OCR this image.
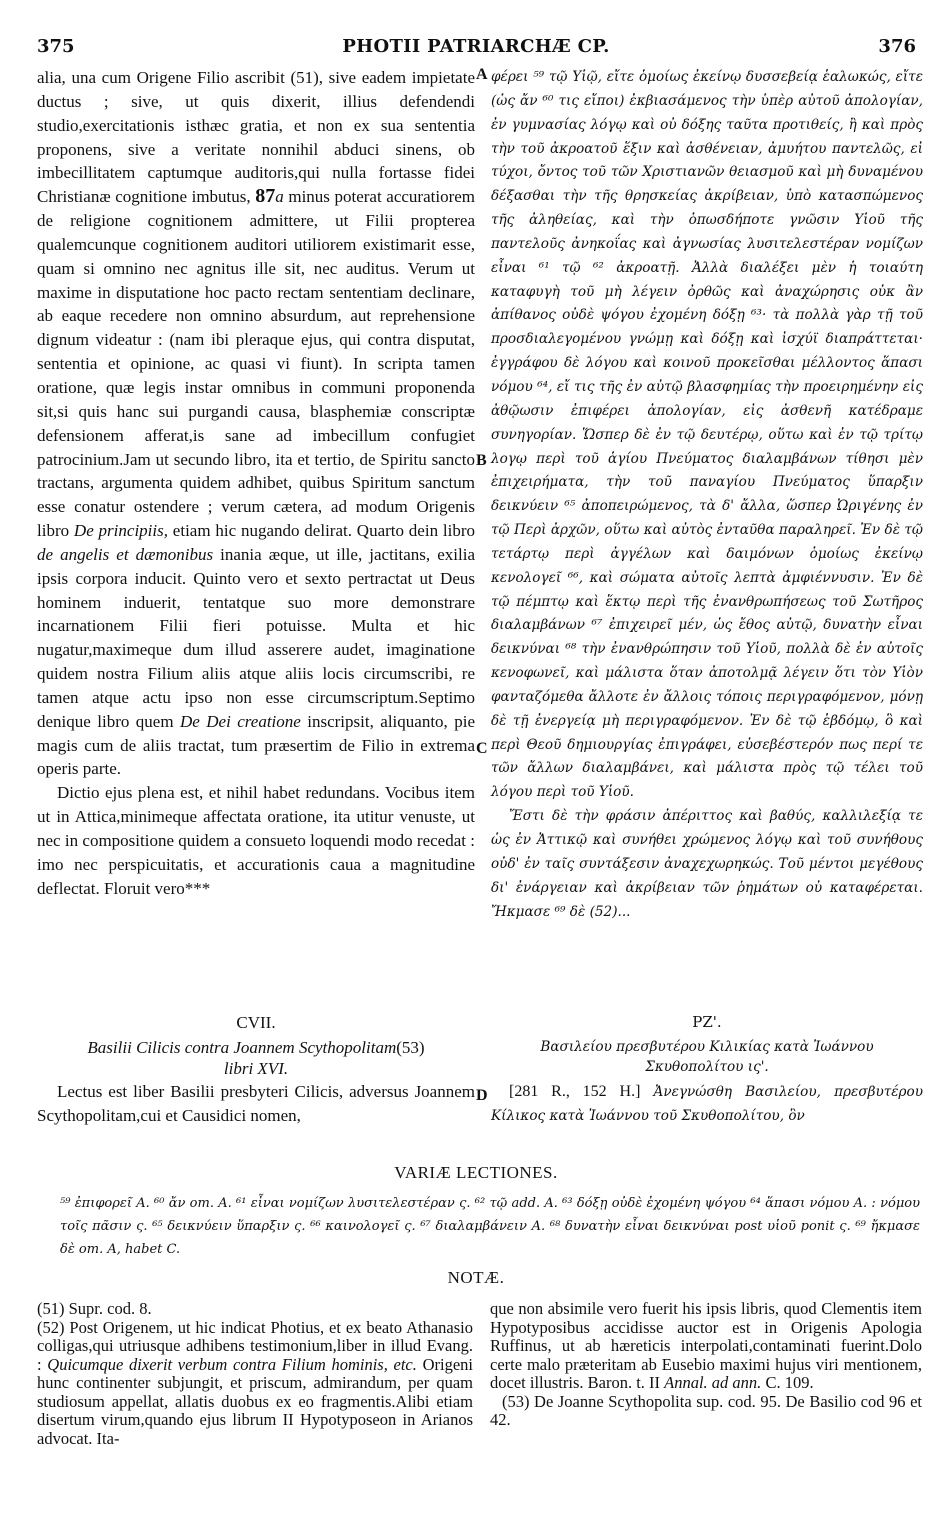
375	PHOTII PATRIARCHÆ CP.	376
A
B
C
D

alia, una cum Origene Filio ascribit (51), sive eadem impietate ductus ; sive, ut quis dixerit, illius defendendi studio,exercitationis isthæc gratia, et non ex sua sententia proponens, sive a veritate nonnihil abduci sinens, ob imbecillitatem captumque auditoris,qui nulla fortasse fidei Christianæ cognitione imbutus, 87a minus poterat accuratiorem de religione cognitionem admittere, ut Filii propterea qualemcunque cognitionem auditori utiliorem existimarit esse, quam si omnino nec agnitus ille sit, nec auditus. Verum ut maxime in disputatione hoc pacto rectam sententiam declinare, ab eaque recedere non omnino absurdum, aut reprehensione dignum videatur : (nam ibi pleraque ejus, qui contra disputat, sententia et opinione, ac quasi vi fiunt). In scripta tamen oratione, quæ legis instar omnibus in communi proponenda sit,si quis hanc sui purgandi causa, blasphemiæ conscriptæ defensionem afferat,is sane ad imbecillum confugiet patrocinium.Jam ut secundo libro, ita et tertio, de Spiritu sancto tractans, argumenta quidem adhibet, quibus Spiritum sanctum esse conatur ostendere ; verum cætera, ad modum Origenis libro De principiis, etiam hic nugando delirat. Quarto dein libro de angelis et dæmonibus inania æque, ut ille, jactitans, exilia ipsis corpora inducit. Quinto vero et sexto pertractat ut Deus hominem induerit, tentatque suo more demonstrare incarnationem Filii fieri potuisse. Multa et hic nugatur,maximeque dum illud asserere audet, imaginatione quidem nostra Filium aliis atque aliis locis circumscribi, re tamen atque actu ipso non esse circumscriptum.Septimo denique libro quem De Dei creatione inscripsit, aliquanto, pie magis cum de aliis tractat, tum præsertim de Filio in extrema operis parte.

Dictio ejus plena est, et nihil habet redundans. Vocibus item ut in Attica,minimeque affectata oratione, ita utitur venuste, ut nec in compositione quidem a consueto loquendi modo recedat : imo nec perspicuitatis, et accurationis caua a magnitudine deflectat. Floruit vero***

CVII.
Basilii Cilicis contra Joannem Scythopolitam(53)
libri XVI.

Lectus est liber Basilii presbyteri Cilicis, adversus Joannem Scythopolitam,cui et Causidici nomen,

φέρει ⁵⁹ τῷ Υἱῷ, εἴτε ὁμοίως ἐκείνῳ δυσσεβείᾳ ἑαλωκώς, εἴτε (ὡς ἄν ⁶⁰ τις εἴποι) ἐκβιασάμενος τὴν ὑπὲρ αὐτοῦ ἀπολογίαν, ἐν γυμνασίας λόγῳ καὶ οὐ δόξης ταῦτα προτιθείς, ἢ καὶ πρὸς τὴν τοῦ ἀκροατοῦ ἕξιν καὶ ἀσθένειαν, ἀμυήτου παντελῶς, εἰ τύχοι, ὄντος τοῦ τῶν Χριστιανῶν θειασμοῦ καὶ μὴ δυναμένου δέξασθαι τὴν τῆς θρησκείας ἀκρίβειαν, ὑπὸ κατασπώμενος τῆς ἀληθείας, καὶ τὴν ὁπωσδήποτε γνῶσιν Υἱοῦ τῆς παντελοῦς ἀνηκοΐας καὶ ἀγνωσίας λυσιτελεστέραν νομίζων εἶναι ⁶¹ τῷ ⁶² ἀκροατῇ. Ἀλλὰ διαλέξει μὲν ἡ τοιαύτη καταφυγὴ τοῦ μὴ λέγειν ὀρθῶς καὶ ἀναχώρησις οὐκ ἂν ἀπίθανος οὐδὲ ψόγου ἐχομένη δόξῃ ⁶³· τὰ πολλὰ γὰρ τῇ τοῦ προσδιαλεγομένου γνώμῃ καὶ δόξῃ καὶ ἰσχύϊ διαπράττεται· ἐγγράφου δὲ λόγου καὶ κοινοῦ προκεῖσθαι μέλλοντος ἅπασι νόμου ⁶⁴, εἴ τις τῆς ἐν αὐτῷ βλασφημίας τὴν προειρημένην εἰς ἀθῷωσιν ἐπιφέρει ἀπολογίαν, εἰς ἀσθενῆ κατέδραμε συνηγορίαν. Ὥσπερ δὲ ἐν τῷ δευτέρῳ, οὕτω καὶ ἐν τῷ τρίτῳ λογῳ περὶ τοῦ ἁγίου Πνεύματος διαλαμβάνων τίθησι μὲν ἐπιχειρήματα, τὴν τοῦ παναγίου Πνεύματος ὕπαρξιν δεικνύειν ⁶⁵ ἀποπειρώμενος, τὰ δ' ἄλλα, ὥσπερ Ὠριγένης ἐν τῷ Περὶ ἀρχῶν, οὕτω καὶ αὐτὸς ἐνταῦθα παραληρεῖ. Ἐν δὲ τῷ τετάρτῳ περὶ ἀγγέλων καὶ δαιμόνων ὁμοίως ἐκείνῳ κενολογεῖ ⁶⁶, καὶ σώματα αὐτοῖς λεπτὰ ἀμφιέννυσιν. Ἐν δὲ τῷ πέμπτῳ καὶ ἕκτῳ περὶ τῆς ἐνανθρωπήσεως τοῦ Σωτῆρος διαλαμβάνων ⁶⁷ ἐπιχειρεῖ μέν, ὡς ἔθος αὐτῷ, δυνατὴν εἶναι δεικνύναι ⁶⁸ τὴν ἐνανθρώπησιν τοῦ Υἱοῦ, πολλὰ δὲ ἐν αὐτοῖς κενοφωνεῖ, καὶ μάλιστα ὅταν ἀποτολμᾷ λέγειν ὅτι τὸν Υἱὸν φανταζόμεθα ἄλλοτε ἐν ἄλλοις τόποις περιγραφόμενον, μόνῃ δὲ τῇ ἐνεργείᾳ μὴ περιγραφόμενον. Ἐν δὲ τῷ ἑβδόμῳ, ὃ καὶ περὶ Θεοῦ δημιουργίας ἐπιγράφει, εὐσεβέστερόν πως περί τε τῶν ἄλλων διαλαμβάνει, καὶ μάλιστα πρὸς τῷ τέλει τοῦ λόγου περὶ τοῦ Υἱοῦ.

Ἔστι δὲ τὴν φράσιν ἀπέριττος καὶ βαθύς, καλλιλεξίᾳ τε ὡς ἐν Ἀττικῷ καὶ συνήθει χρώμενος λόγῳ καὶ τοῦ συνήθους οὐδ' ἐν ταῖς συντάξεσιν ἀναχεχωρηκώς. Τοῦ μέντοι μεγέθους δι' ἐνάργειαν καὶ ἀκρίβειαν τῶν ῥημάτων οὐ καταφέρεται. Ἤκμασε ⁶⁹ δὲ (52)...

ΡΖ'.
Βασιλείου πρεσβυτέρου Κιλικίας κατὰ Ἰωάννου Σκυθοπολίτου ις'.

[281 R., 152 H.] Ἀνεγνώσθη Βασιλείου, πρεσβυτέρου Κίλικος κατὰ Ἰωάννου τοῦ Σκυθοπολίτου, ὃν

VARIÆ LECTIONES.
⁵⁹ ἐπιφορεῖ A. ⁶⁰ ἄν om. A. ⁶¹ εἶναι νομίζων λυσιτελεστέραν ς. ⁶² τῷ add. A. ⁶³ δόξῃ οὐδὲ ἐχομένη ψόγου ⁶⁴ ἅπασι νόμου A. : νόμου τοῖς πᾶσιν ς. ⁶⁵ δεικνύειν ὕπαρξιν ς. ⁶⁶ καινολογεῖ ς. ⁶⁷ διαλαμβάνειν A. ⁶⁸ δυνατὴν εἶναι δεικνύναι post υἱοῦ ponit ς. ⁶⁹ ἤκμασε δὲ om. A, habet C.
NOTÆ.

(51) Supr. cod. 8.

(52) Post Origenem, ut hic indicat Photius, et ex beato Athanasio colligas,qui utriusque adhibens testimonium,liber in illud Evang. : Quicumque dixerit verbum contra Filium hominis, etc. Origeni hunc continenter subjungit, et priscum, admirandum, per quam studiosum appellat, allatis duobus ex eo fragmentis.Alibi etiam disertum virum,quando ejus librum II Hypotyposeon in Arianos advocat. Ita-

que non absimile vero fuerit his ipsis libris, quod Clementis item Hypotyposibus accidisse auctor est in Origenis Apologia Ruffinus, ut ab hæreticis interpolati,contaminati fuerint.Dolo certe malo præteritam ab Eusebio maximi hujus viri mentionem, docet illustris. Baron. t. II Annal. ad ann. C. 109.

(53) De Joanne Scythopolita sup. cod. 95. De Basilio cod 96 et 42.
